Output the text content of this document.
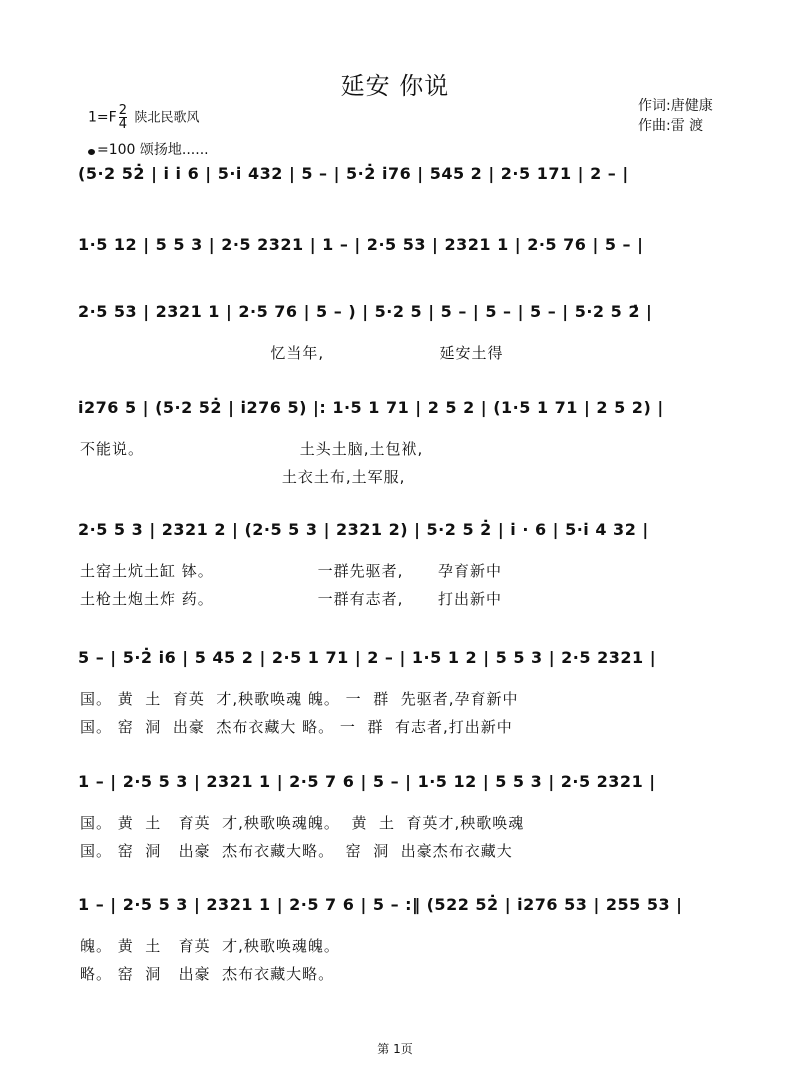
延安 你说
作词:唐健康
作曲:雷 渡
$1=F \frac{2}{4}$ 陕北民歌风
=100 颂扬地......
(5·2 52̇ | i̇ i̇ 6 | 5·i̇ 432 | 5 – | 5·2̇ i̇76 | 545 2 | 2·5 171 | 2 – |
1·5 12 | 5 5 3 | 2·5 2321 | 1 – | 2·5 53 | 2321 1 | 2·5 76 | 5 – |
2·5 53 | 2321 1 | 2·5 76 | 5 – ) | 5·2 5 | 5 – | 5 – | 5 – | 5·2 5 2̇ |
忆当年,                    延安土得
i̇276 5 | (5·2 52̇ | i̇276 5) |: 1·5 1 71 | 2 5 2 | (1·5 1 71 | 2 5 2) |
不能说。                           土头土脑,土包袱,
土衣土布,土军服,
2·5 5 3 | 2321 2 | (2·5 5 3 | 2321 2) | 5·2 5 2̇ | i̇ · 6 | 5·i̇ 4 32 |
土窑土炕土缸 钵。                  一群先驱者,      孕育新中
土枪土炮土炸 药。                  一群有志者,      打出新中
5 – | 5·2̇ i̇6 | 5 45 2 | 2·5 1 71 | 2 – | 1·5 1 2 | 5 5 3 | 2·5 2321 |
国。 黄  土  育英  才,秧歌唤魂 魄。 一  群  先驱者,孕育新中
国。 窑  洞  出豪  杰布衣藏大 略。 一  群  有志者,打出新中
1 – | 2·5 5 3 | 2321 1 | 2·5 7 6 | 5 – | 1·5 12 | 5 5 3 | 2·5 2321 |
国。 黄  土   育英  才,秧歌唤魂魄。  黄  土  育英才,秧歌唤魂
国。 窑  洞   出豪  杰布衣藏大略。  窑  洞  出豪杰布衣藏大
1 – | 2·5 5 3 | 2321 1 | 2·5 7 6 | 5 – :‖ (522 52̇ | i̇276 53 | 255 53 |
魄。 黄  土   育英  才,秧歌唤魂魄。
略。 窑  洞   出豪  杰布衣藏大略。
第 1页
